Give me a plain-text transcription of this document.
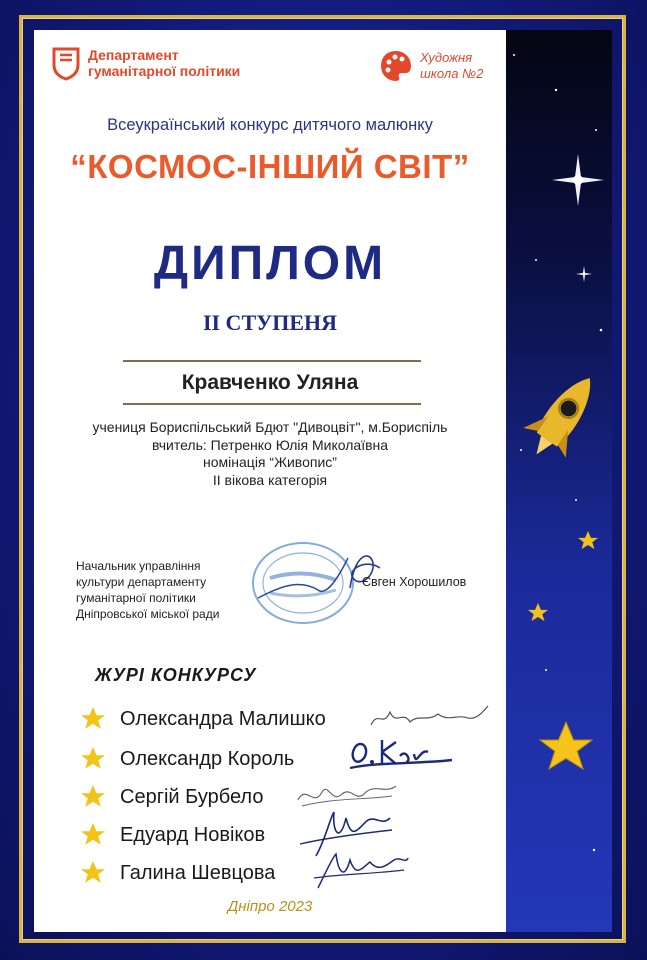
Департамент
гуманітарної політики
Художня
школа №2
Всеукраїнський конкурс дитячого малюнку
“КОСМОС-ІНШИЙ СВІТ”
ДИПЛОМ
II СТУПЕНЯ
Кравченко Уляна
учениця Бориспільський Бдют "Дивоцвіт", м.Бориспіль
вчитель: Петренко Юлія Миколаївна
номінація “Живопис”
II вікова категорія
Начальник управління
культури департаменту
гуманітарної політики
Дніпровської міської ради
Євген Хорошилов
ЖУРІ КОНКУРСУ
Олександра Малишко
Олександр Король
Сергій Бурбело
Едуард Новіков
Галина Шевцова
Дніпро 2023
